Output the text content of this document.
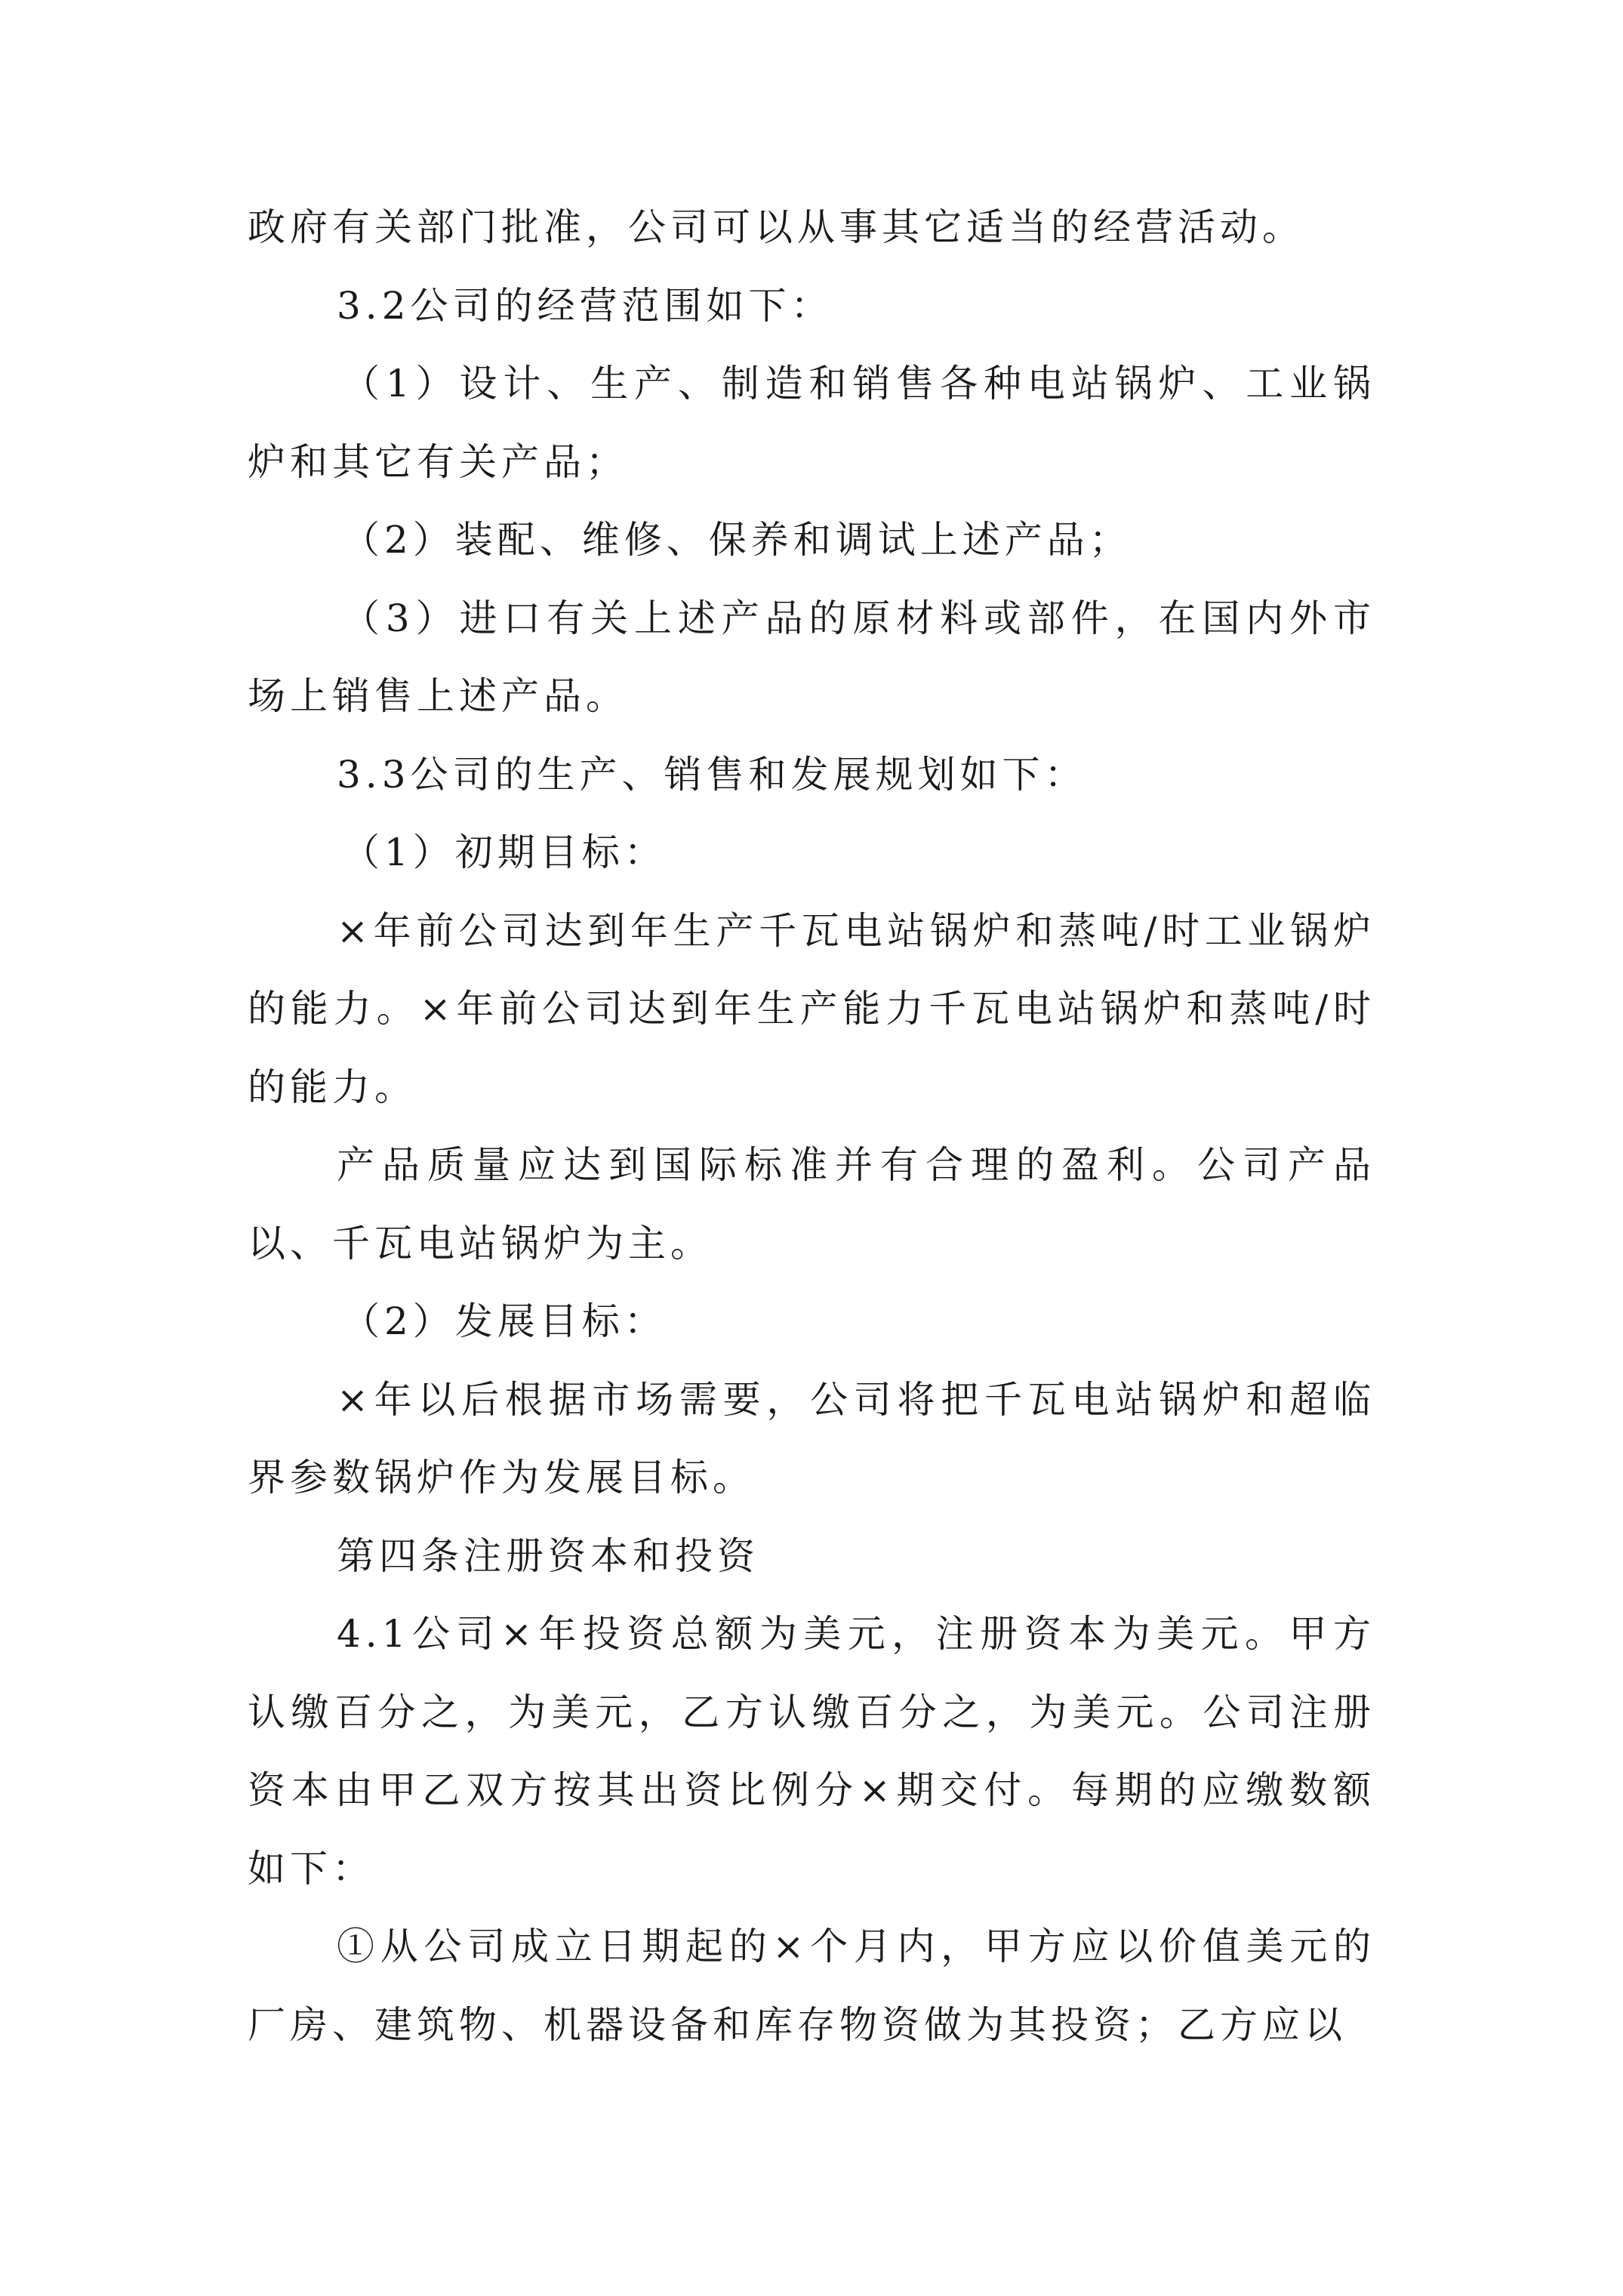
政府有关部门批准，公司可以从事其它适当的经营活动。

3.2公司的经营范围如下：

（1）设计、生产、制造和销售各种电站锅炉、工业锅炉和其它有关产品；

（2）装配、维修、保养和调试上述产品；

（3）进口有关上述产品的原材料或部件，在国内外市场上销售上述产品。

3.3公司的生产、销售和发展规划如下：

（1）初期目标：

×年前公司达到年生产千瓦电站锅炉和蒸吨/时工业锅炉的能力。×年前公司达到年生产能力千瓦电站锅炉和蒸吨/时的能力。

产品质量应达到国际标准并有合理的盈利。公司产品以、千瓦电站锅炉为主。

（2）发展目标：

×年以后根据市场需要，公司将把千瓦电站锅炉和超临界参数锅炉作为发展目标。

第四条注册资本和投资

4.1公司×年投资总额为美元，注册资本为美元。甲方认缴百分之，为美元，乙方认缴百分之，为美元。公司注册资本由甲乙双方按其出资比例分×期交付。每期的应缴数额如下：

①从公司成立日期起的×个月内，甲方应以价值美元的厂房、建筑物、机器设备和库存物资做为其投资；乙方应以
